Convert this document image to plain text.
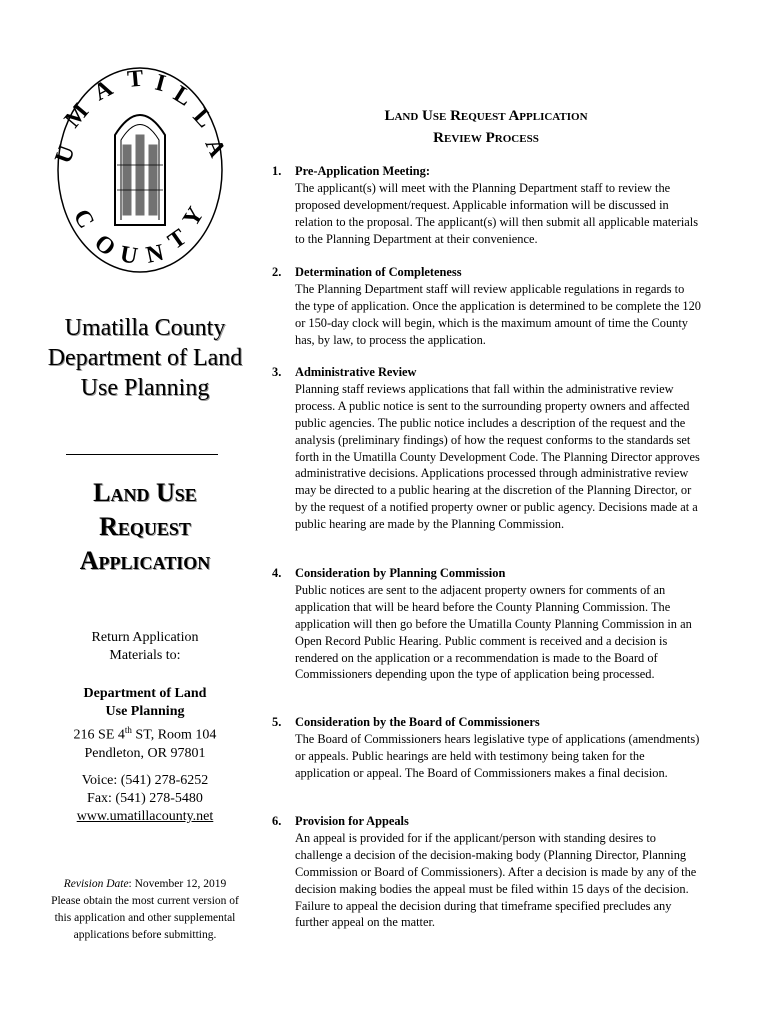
U
M
A T I L
L
A
C
O
U N
T
Y
Umatilla County
Department of Land
Use Planning
Land Use
Request
Application
Return Application
Materials to:
Department of Land
Use Planning
216 SE 4th ST, Room 104
Pendleton, OR 97801
Voice: (541) 278-6252
Fax: (541) 278-5480
www.umatillacounty.net
Revision Date: November 12, 2019
Please obtain the most current version of
this application and other supplemental
applications before submitting.
Land Use Request Application
Review Process
1. Pre-Application Meeting:
The applicant(s) will meet with the Planning Department staff to review the proposed development/request. Applicable information will be discussed in relation to the proposal. The applicant(s) will then submit all applicable materials to the Planning Department at their convenience.
2. Determination of Completeness
The Planning Department staff will review applicable regulations in regards to the type of application. Once the application is determined to be complete the 120 or 150-day clock will begin, which is the maximum amount of time the County has, by law, to process the application.
3. Administrative Review
Planning staff reviews applications that fall within the administrative review process. A public notice is sent to the surrounding property owners and affected public agencies. The public notice includes a description of the request and the analysis (preliminary findings) of how the request conforms to the standards set forth in the Umatilla County Development Code. The Planning Director approves administrative decisions. Applications processed through administrative review may be directed to a public hearing at the discretion of the Planning Director, or by the request of a notified property owner or public agency. Decisions made at a public hearing are made by the Planning Commission.
4. Consideration by Planning Commission
Public notices are sent to the adjacent property owners for comments of an application that will be heard before the County Planning Commission. The application will then go before the Umatilla County Planning Commission in an Open Record Public Hearing. Public comment is received and a decision is rendered on the application or a recommendation is made to the Board of Commissioners depending upon the type of application being processed.
5. Consideration by the Board of Commissioners
The Board of Commissioners hears legislative type of applications (amendments) or appeals. Public hearings are held with testimony being taken for the application or appeal. The Board of Commissioners makes a final decision.
6. Provision for Appeals
An appeal is provided for if the applicant/person with standing desires to challenge a decision of the decision-making body (Planning Director, Planning Commission or Board of Commissioners). After a decision is made by any of the decision making bodies the appeal must be filed within 15 days of the decision. Failure to appeal the decision during that timeframe specified precludes any further appeal on the matter.
